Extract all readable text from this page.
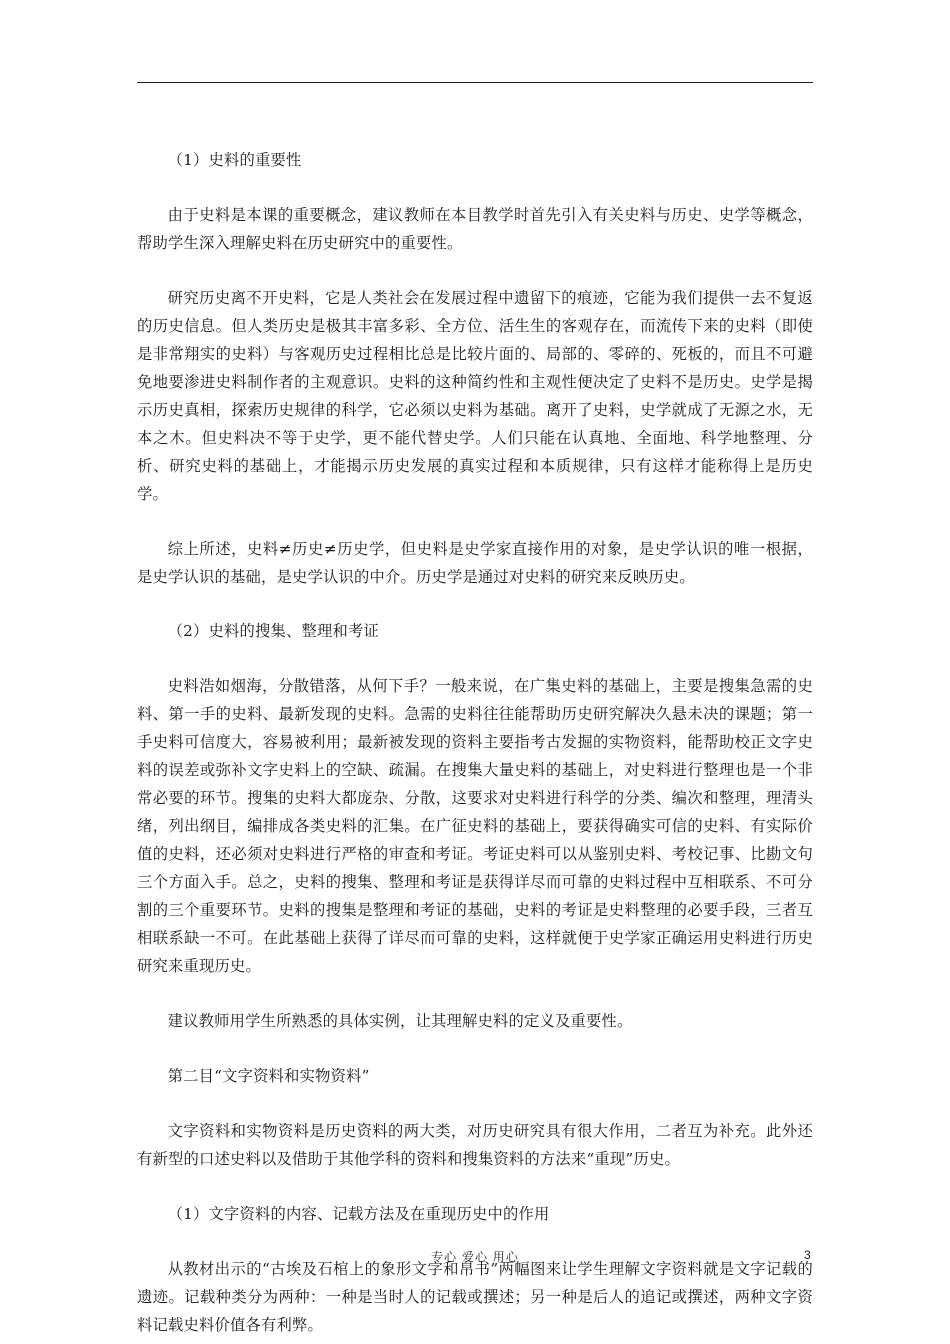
（1）史料的重要性

由于史料是本课的重要概念，建议教师在本目教学时首先引入有关史料与历史、史学等概念，帮助学生深入理解史料在历史研究中的重要性。

研究历史离不开史料，它是人类社会在发展过程中遗留下的痕迹，它能为我们提供一去不复返的历史信息。但人类历史是极其丰富多彩、全方位、活生生的客观存在，而流传下来的史料（即使是非常翔实的史料）与客观历史过程相比总是比较片面的、局部的、零碎的、死板的，而且不可避免地要渗进史料制作者的主观意识。史料的这种简约性和主观性便决定了史料不是历史。史学是揭示历史真相，探索历史规律的科学，它必须以史料为基础。离开了史料，史学就成了无源之水，无本之木。但史料决不等于史学，更不能代替史学。人们只能在认真地、全面地、科学地整理、分析、研究史料的基础上，才能揭示历史发展的真实过程和本质规律，只有这样才能称得上是历史学。

综上所述，史料≠历史≠历史学，但史料是史学家直接作用的对象，是史学认识的唯一根据，是史学认识的基础，是史学认识的中介。历史学是通过对史料的研究来反映历史。

（2）史料的搜集、整理和考证

史料浩如烟海，分散错落，从何下手？一般来说，在广集史料的基础上，主要是搜集急需的史料、第一手的史料、最新发现的史料。急需的史料往往能帮助历史研究解决久悬未决的课题；第一手史料可信度大，容易被利用；最新被发现的资料主要指考古发掘的实物资料，能帮助校正文字史料的误差或弥补文字史料上的空缺、疏漏。在搜集大量史料的基础上，对史料进行整理也是一个非常必要的环节。搜集的史料大都庞杂、分散，这要求对史料进行科学的分类、编次和整理，理清头绪，列出纲目，编排成各类史料的汇集。在广征史料的基础上，要获得确实可信的史料、有实际价值的史料，还必须对史料进行严格的审查和考证。考证史料可以从鉴别史料、考校记事、比勘文句三个方面入手。总之，史料的搜集、整理和考证是获得详尽而可靠的史料过程中互相联系、不可分割的三个重要环节。史料的搜集是整理和考证的基础，史料的考证是史料整理的必要手段，三者互相联系缺一不可。在此基础上获得了详尽而可靠的史料，这样就便于史学家正确运用史料进行历史研究来重现历史。

建议教师用学生所熟悉的具体实例，让其理解史料的定义及重要性。

第二目“文字资料和实物资料”

文字资料和实物资料是历史资料的两大类，对历史研究具有很大作用，二者互为补充。此外还有新型的口述史料以及借助于其他学科的资料和搜集资料的方法来“重现”历史。

（1）文字资料的内容、记载方法及在重现历史中的作用

从教材出示的“古埃及石棺上的象形文字和帛书”两幅图来让学生理解文字资料就是文字记载的遗迹。记载种类分为两种：一种是当时人的记载或撰述；另一种是后人的追记或撰述，两种文字资料记载史料价值各有利弊。

专心 爱心 用心	3
